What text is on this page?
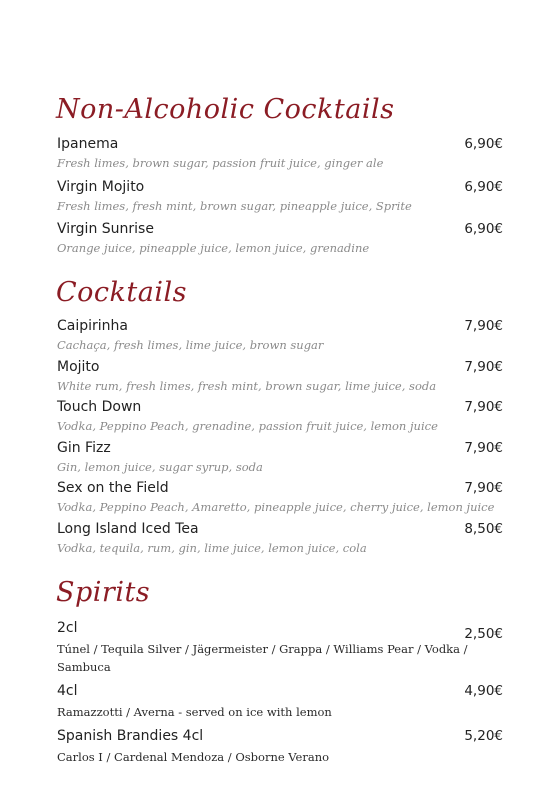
Non-Alcoholic Cocktails
Ipanema	6,90€
Fresh limes, brown sugar, passion fruit juice, ginger ale
Virgin Mojito	6,90€
Fresh limes, fresh mint, brown sugar, pineapple juice, Sprite
Virgin Sunrise	6,90€
Orange juice, pineapple juice, lemon juice, grenadine
Cocktails
Caipirinha	7,90€
Cachaça, fresh limes, lime juice, brown sugar
Mojito	7,90€
White rum, fresh limes, fresh mint, brown sugar, lime juice, soda
Touch Down	7,90€
Vodka, Peppino Peach, grenadine, passion fruit juice, lemon juice
Gin Fizz	7,90€
Gin, lemon juice, sugar syrup, soda
Sex on the Field	7,90€
Vodka, Peppino Peach, Amaretto, pineapple juice, cherry juice, lemon juice
Long Island Iced Tea	8,50€
Vodka, tequila, rum, gin, lime juice, lemon juice, cola
Spirits
2cl	2,50€
Túnel / Tequila Silver / Jägermeister / Grappa / Williams Pear / Vodka / Sambuca
4cl	4,90€
Ramazzotti / Averna - served on ice with lemon
Spanish Brandies 4cl	5,20€
Carlos I / Cardenal Mendoza / Osborne Verano
